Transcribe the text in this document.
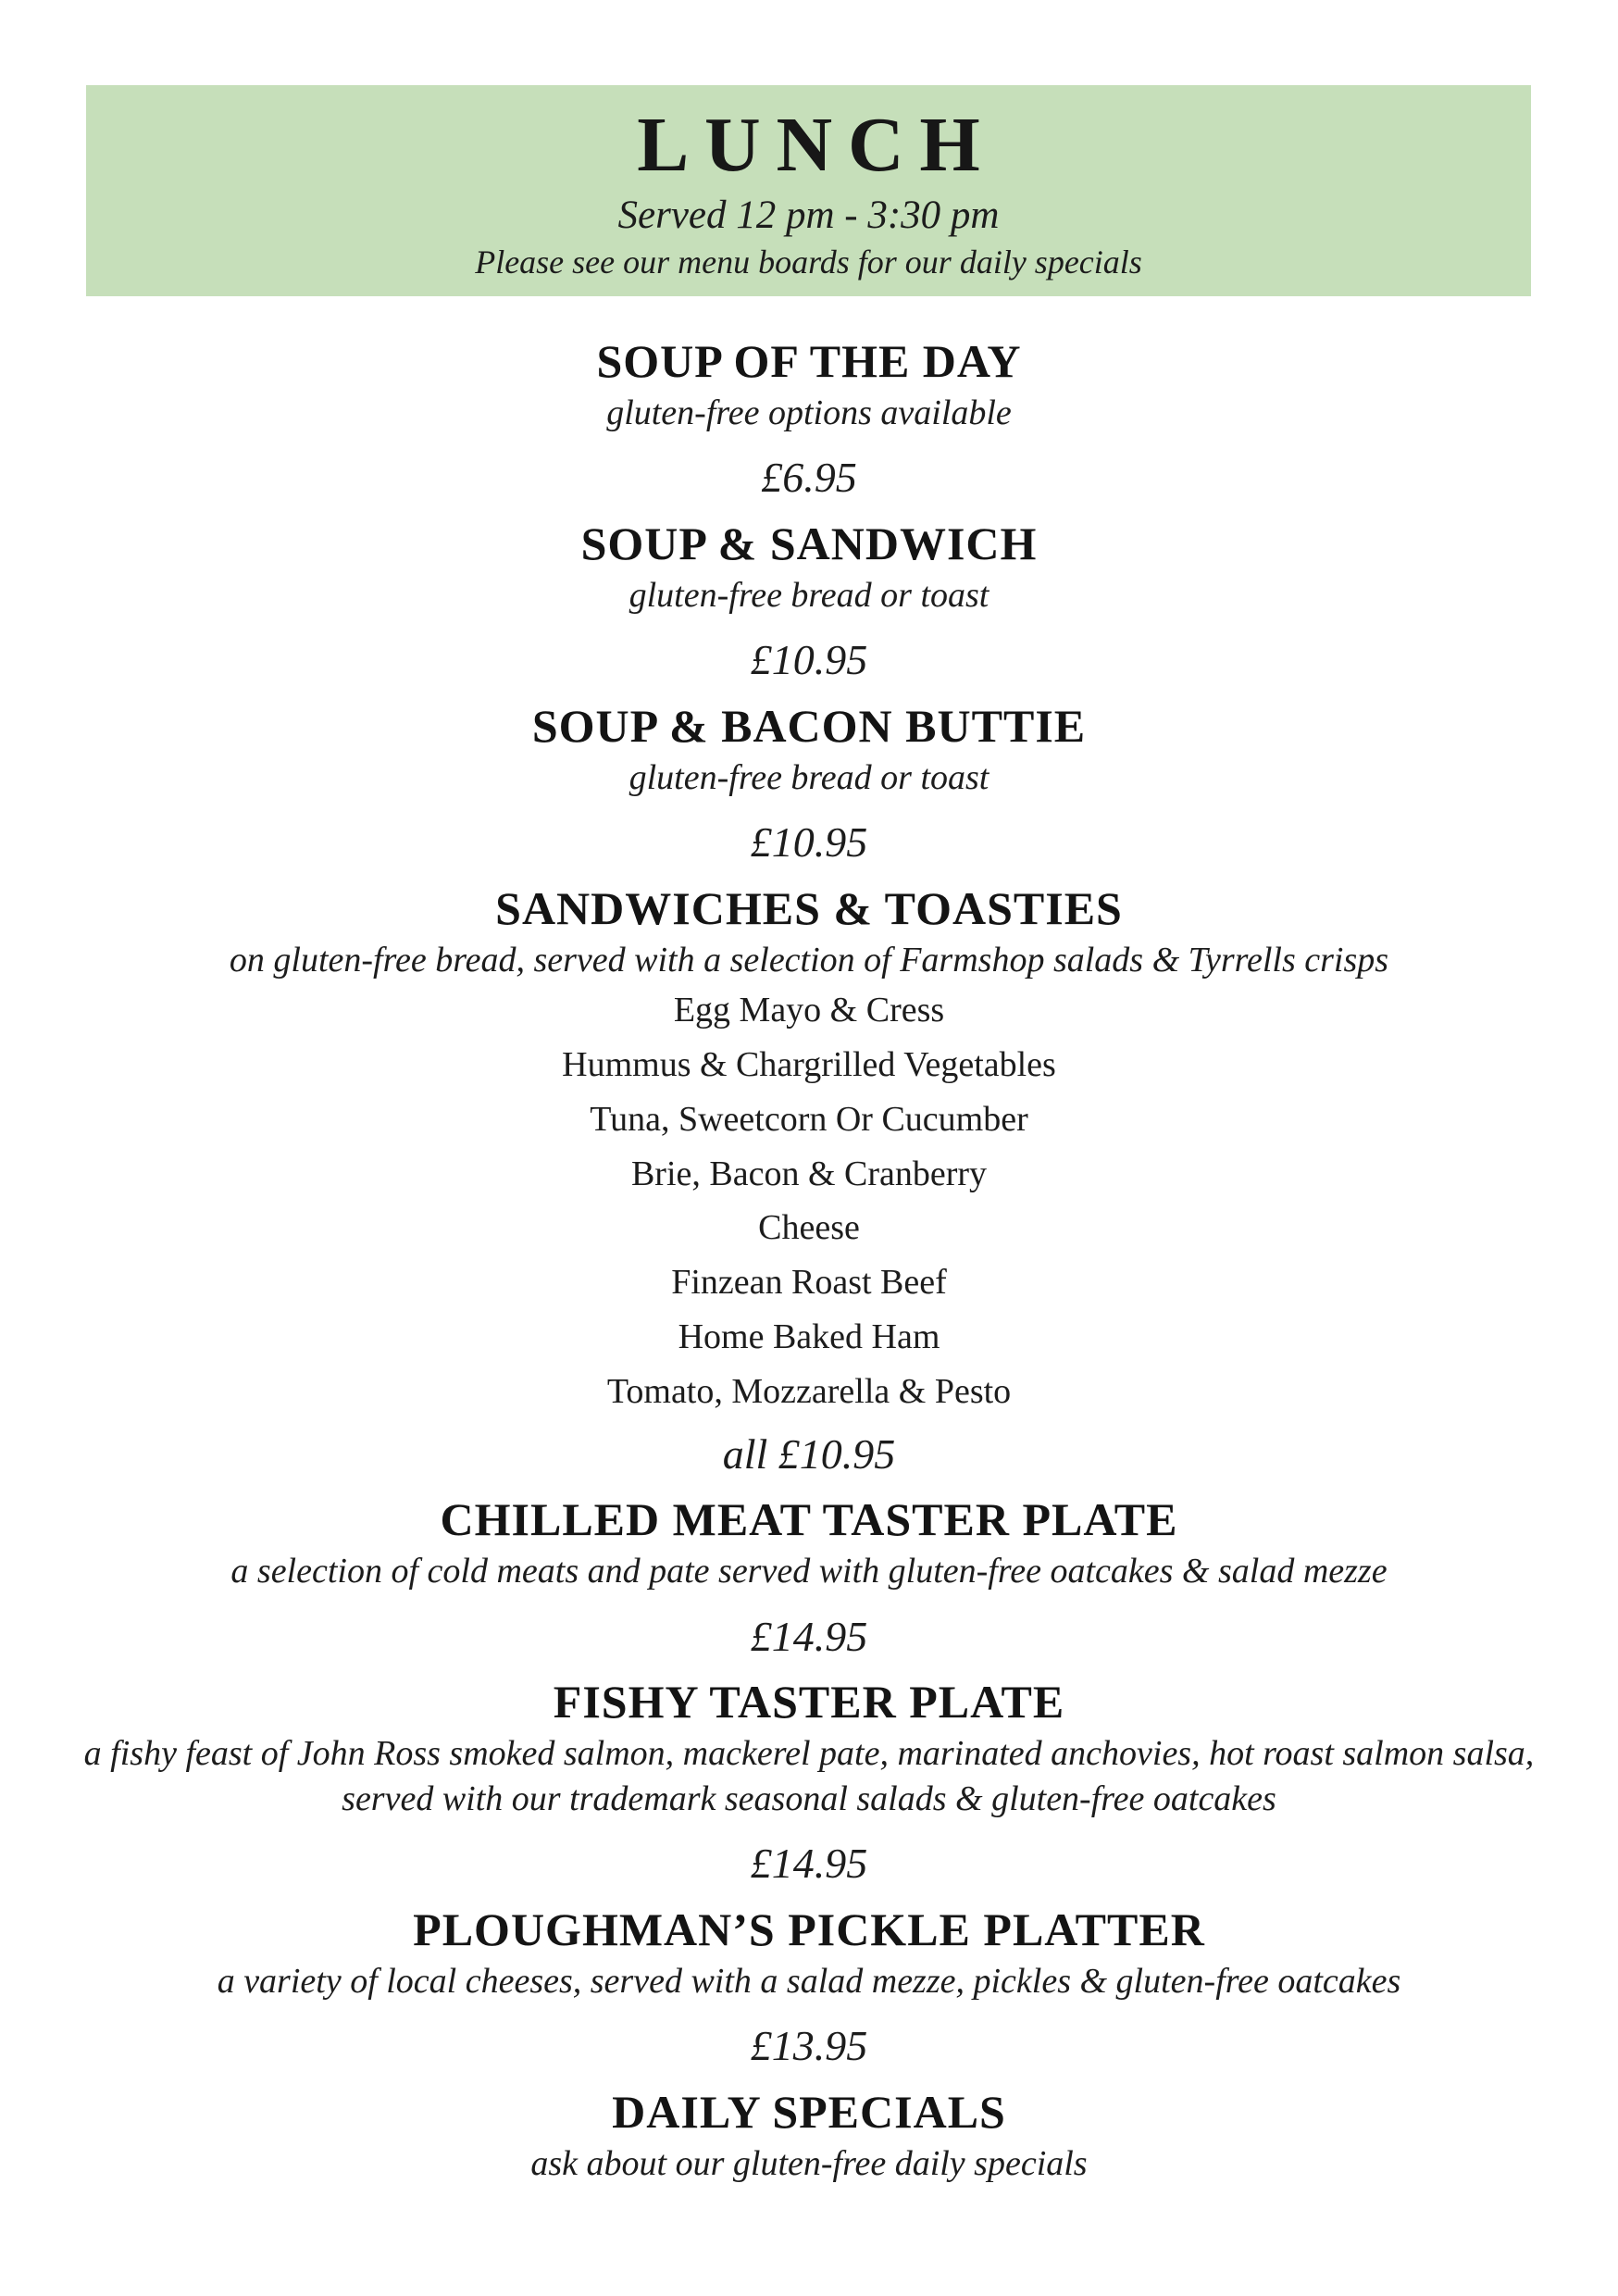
LUNCH

Served 12 pm - 3:30 pm

Please see our menu boards for our daily specials

SOUP OF THE DAY

gluten-free options available

£6.95

SOUP & SANDWICH

gluten-free bread or toast

£10.95

SOUP & BACON BUTTIE

gluten-free bread or toast

£10.95

SANDWICHES & TOASTIES

on gluten-free bread, served with a selection of Farmshop salads & Tyrrells crisps

Egg Mayo & Cress
Hummus & Chargrilled Vegetables
Tuna, Sweetcorn Or Cucumber
Brie, Bacon & Cranberry
Cheese
Finzean Roast Beef
Home Baked Ham
Tomato, Mozzarella & Pesto

all £10.95

CHILLED MEAT TASTER PLATE

a selection of cold meats and pate served with gluten-free oatcakes & salad mezze

£14.95

FISHY TASTER PLATE

a fishy feast of John Ross smoked salmon, mackerel pate, marinated anchovies, hot roast salmon salsa, served with our trademark seasonal salads & gluten-free oatcakes

£14.95

PLOUGHMAN’S PICKLE PLATTER

a variety of local cheeses, served with a salad mezze, pickles & gluten-free oatcakes

£13.95

DAILY SPECIALS

ask about our gluten-free daily specials
